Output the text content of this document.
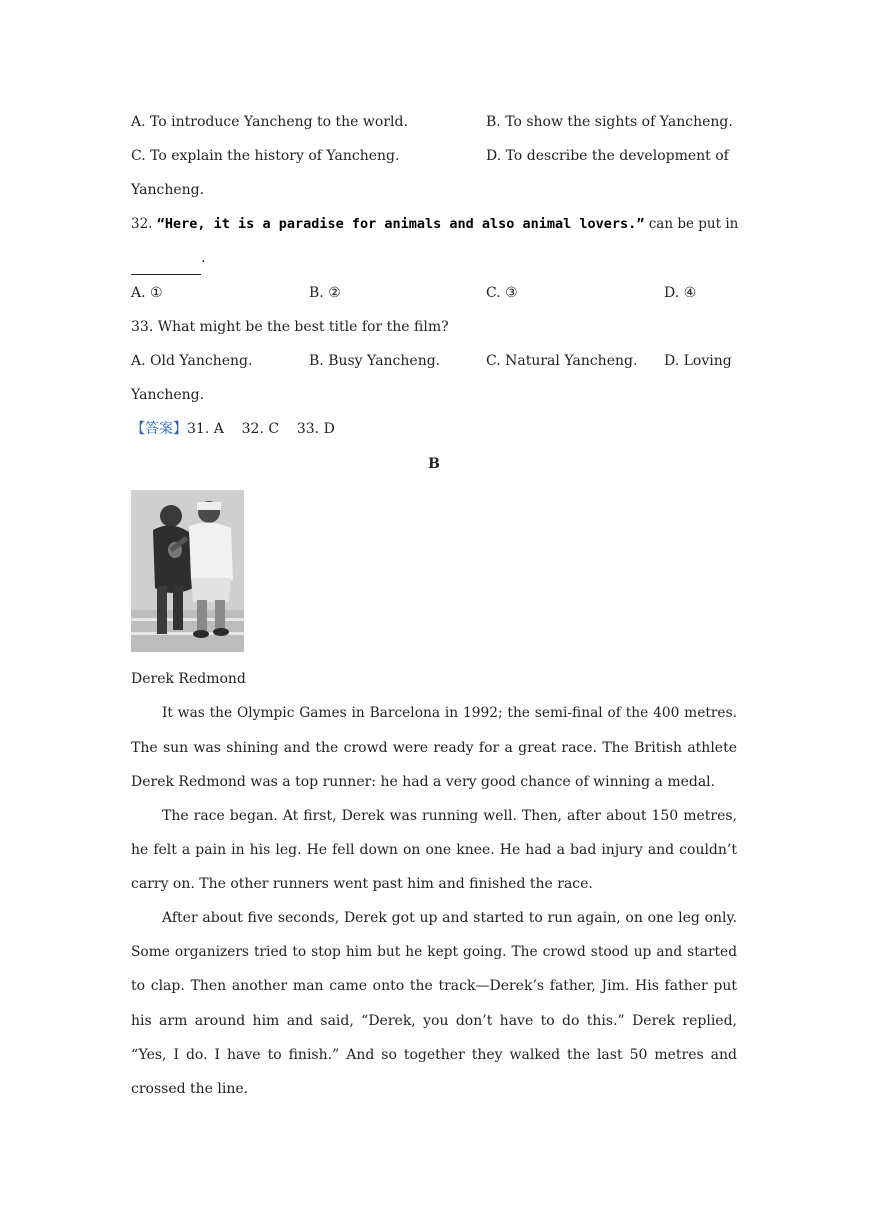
A. To introduce Yancheng to the world.	B. To show the sights of Yancheng.
C. To explain the history of Yancheng.	D. To describe the development of
Yancheng.
32. “Here, it is a paradise for animals and also animal lovers.” can be put in
.
A. ①	B. ②	C. ③	D. ④
33. What might be the best title for the film?
A. Old Yancheng.	B. Busy Yancheng.	C. Natural Yancheng. D. Loving
Yancheng.
【答案】31. A    32. C    33. D
B
Derek Redmond
It was the Olympic Games in Barcelona in 1992; the semi-final of the 400 metres.
The sun was shining and the crowd were ready for a great race. The British athlete
Derek Redmond was a top runner: he had a very good chance of winning a medal.
The race began. At first, Derek was running well. Then, after about 150 metres,
he felt a pain in his leg. He fell down on one knee. He had a bad injury and couldn’t
carry on. The other runners went past him and finished the race.
After about five seconds, Derek got up and started to run again, on one leg only.
Some organizers tried to stop him but he kept going. The crowd stood up and started
to clap. Then another man came onto the track—Derek’s father, Jim. His father put
his arm around him and said, “Derek, you don’t have to do this.” Derek replied,
“Yes, I do. I have to finish.” And so together they walked the last 50 metres and
crossed the line.
